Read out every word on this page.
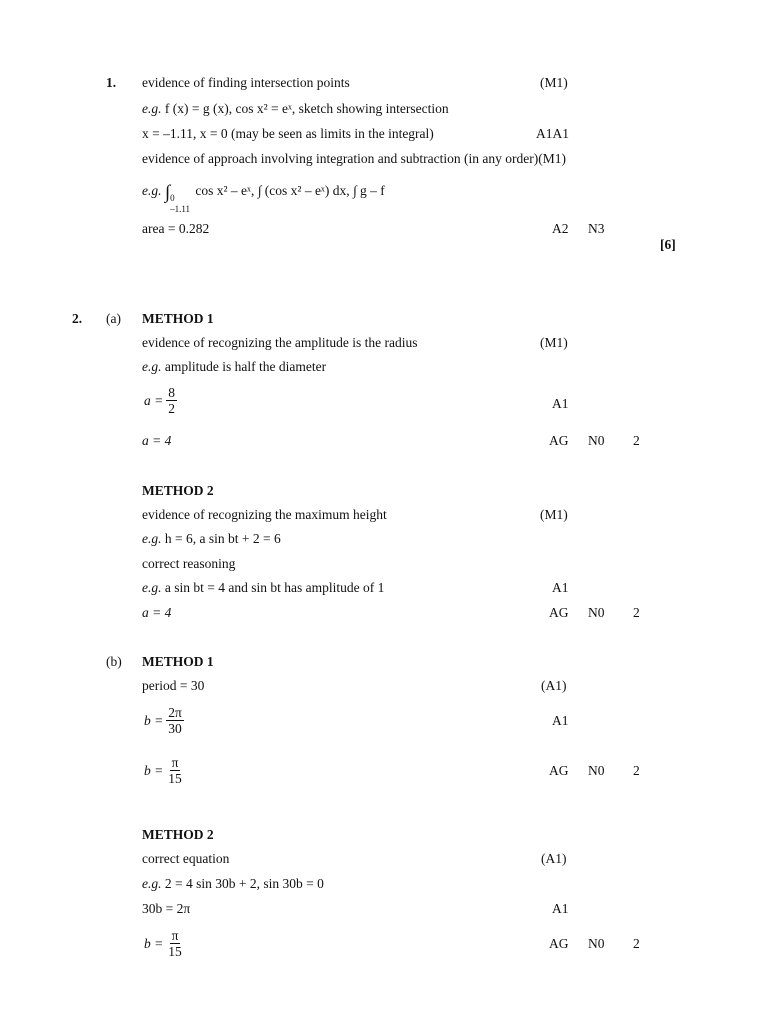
1. evidence of finding intersection points	(M1)
e.g. f (x) = g (x), cos x² = eˣ, sketch showing intersection
x = –1.11, x = 0 (may be seen as limits in the integral)	A1A1
evidence of approach involving integration and subtraction (in any order)(M1)
e.g. ∫ 0
–1.11
cos x² – eˣ, ∫ (cos x² – eˣ) dx, ∫ g – f
area = 0.282	A2 N3
[6]
2. (a) METHOD 1
evidence of recognizing the amplitude is the radius	(M1)
e.g. amplitude is half the diameter
$a = \frac{8}{2}$	A1
a = 4	AG N0 2
METHOD 2
evidence of recognizing the maximum height	(M1)
e.g. h = 6, a sin bt + 2 = 6
correct reasoning
e.g. a sin bt = 4 and sin bt has amplitude of 1	A1
a = 4	AG N0 2
(b) METHOD 1
period = 30	(A1)
$b = \frac{2\pi}{30}$	A1
$b = \frac{\pi}{15}$	AG N0 2
METHOD 2
correct equation	(A1)
e.g. 2 = 4 sin 30b + 2, sin 30b = 0
30b = 2π	A1
$b = \frac{\pi}{15}$	AG N0 2
